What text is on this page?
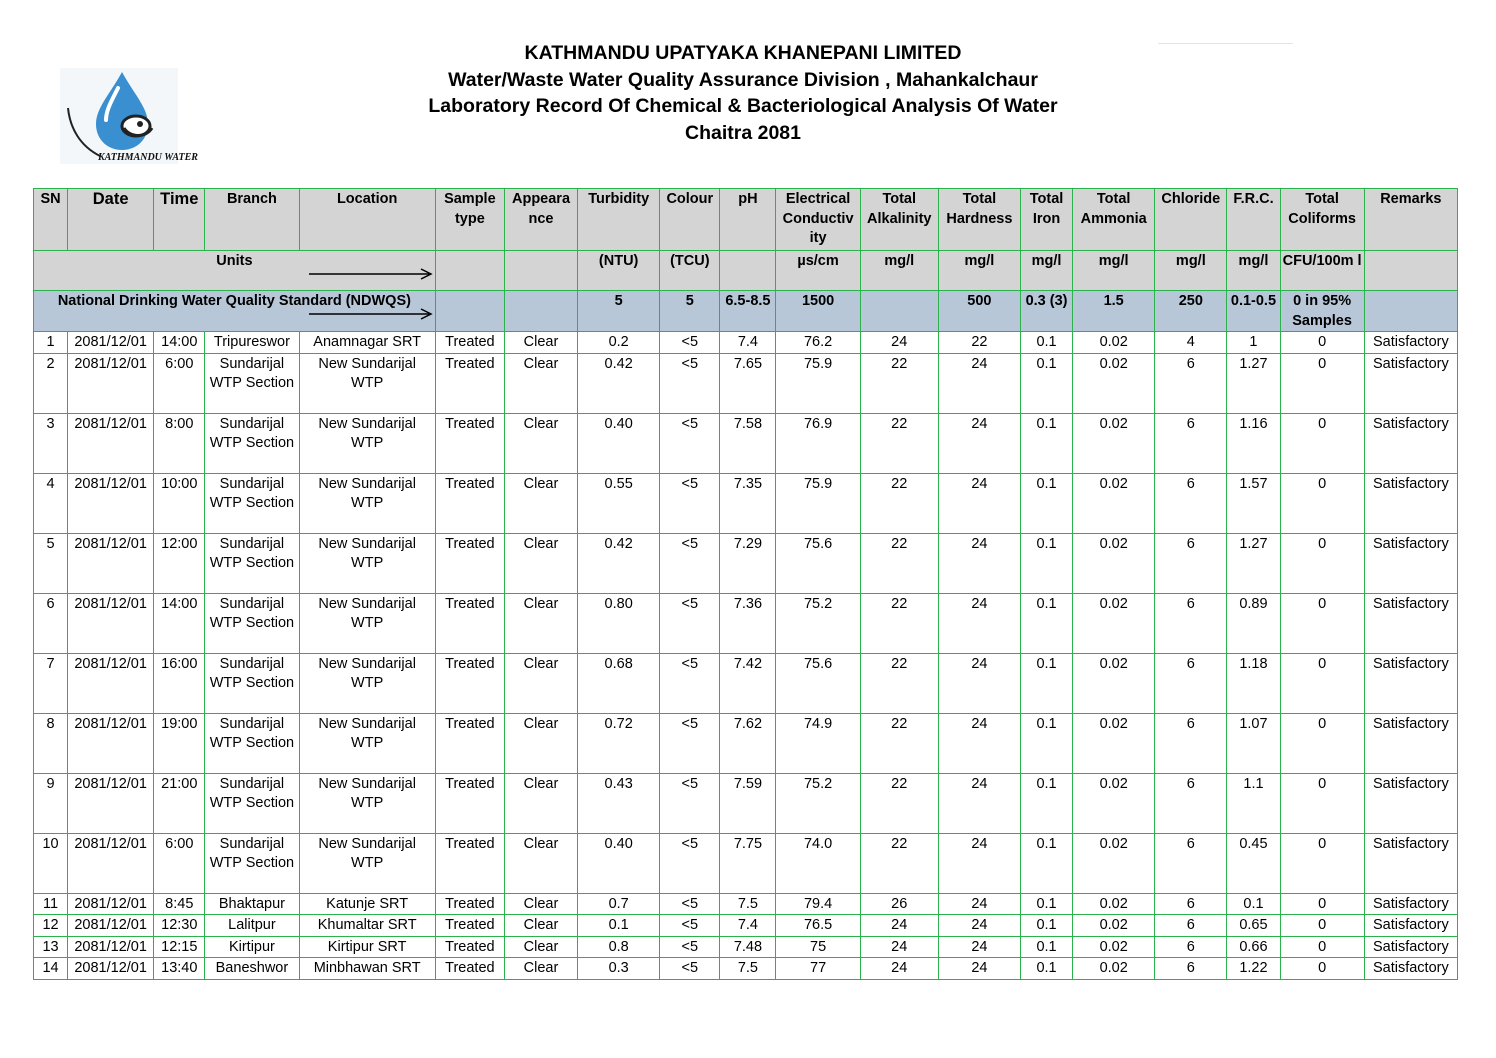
KATHMANDU WATER
KATHMANDU UPATYAKA KHANEPANI LIMITED
Water/Waste Water Quality Assurance Division , Mahankalchaur
Laboratory Record Of Chemical & Bacteriological Analysis Of Water
Chaitra 2081
SN	Date	Time	Branch	Location	Sample type	Appeara nce	Turbidity	Colour	pH	Electrical Conductiv ity	Total Alkalinity	Total Hardness	Total Iron	Total Ammonia	Chloride	F.R.C.	Total Coliforms	Remarks
Units							(NTU)	(TCU)		µs/cm	mg/l	mg/l	mg/l	mg/l	mg/l	mg/l	CFU/100m l	
National Drinking Water Quality Standard (NDWQS)							5	5	6.5-8.5	1500		500	0.3 (3)	1.5	250	0.1-0.5	0 in 95% Samples	
1	2081/12/01	14:00	Tripureswor	Anamnagar SRT	Treated	Clear	0.2	<5	7.4	76.2	24	22	0.1	0.02	4	1	0	Satisfactory
2	2081/12/01	6:00	Sundarijal WTP Section	New Sundarijal WTP	Treated	Clear	0.42	<5	7.65	75.9	22	24	0.1	0.02	6	1.27	0	Satisfactory
3	2081/12/01	8:00	Sundarijal WTP Section	New Sundarijal WTP	Treated	Clear	0.40	<5	7.58	76.9	22	24	0.1	0.02	6	1.16	0	Satisfactory
4	2081/12/01	10:00	Sundarijal WTP Section	New Sundarijal WTP	Treated	Clear	0.55	<5	7.35	75.9	22	24	0.1	0.02	6	1.57	0	Satisfactory
5	2081/12/01	12:00	Sundarijal WTP Section	New Sundarijal WTP	Treated	Clear	0.42	<5	7.29	75.6	22	24	0.1	0.02	6	1.27	0	Satisfactory
6	2081/12/01	14:00	Sundarijal WTP Section	New Sundarijal WTP	Treated	Clear	0.80	<5	7.36	75.2	22	24	0.1	0.02	6	0.89	0	Satisfactory
7	2081/12/01	16:00	Sundarijal WTP Section	New Sundarijal WTP	Treated	Clear	0.68	<5	7.42	75.6	22	24	0.1	0.02	6	1.18	0	Satisfactory
8	2081/12/01	19:00	Sundarijal WTP Section	New Sundarijal WTP	Treated	Clear	0.72	<5	7.62	74.9	22	24	0.1	0.02	6	1.07	0	Satisfactory
9	2081/12/01	21:00	Sundarijal WTP Section	New Sundarijal WTP	Treated	Clear	0.43	<5	7.59	75.2	22	24	0.1	0.02	6	1.1	0	Satisfactory
10	2081/12/01	6:00	Sundarijal WTP Section	New Sundarijal WTP	Treated	Clear	0.40	<5	7.75	74.0	22	24	0.1	0.02	6	0.45	0	Satisfactory
11	2081/12/01	8:45	Bhaktapur	Katunje SRT	Treated	Clear	0.7	<5	7.5	79.4	26	24	0.1	0.02	6	0.1	0	Satisfactory
12	2081/12/01	12:30	Lalitpur	Khumaltar SRT	Treated	Clear	0.1	<5	7.4	76.5	24	24	0.1	0.02	6	0.65	0	Satisfactory
13	2081/12/01	12:15	Kirtipur	Kirtipur SRT	Treated	Clear	0.8	<5	7.48	75	24	24	0.1	0.02	6	0.66	0	Satisfactory
14	2081/12/01	13:40	Baneshwor	Minbhawan SRT	Treated	Clear	0.3	<5	7.5	77	24	24	0.1	0.02	6	1.22	0	Satisfactory
